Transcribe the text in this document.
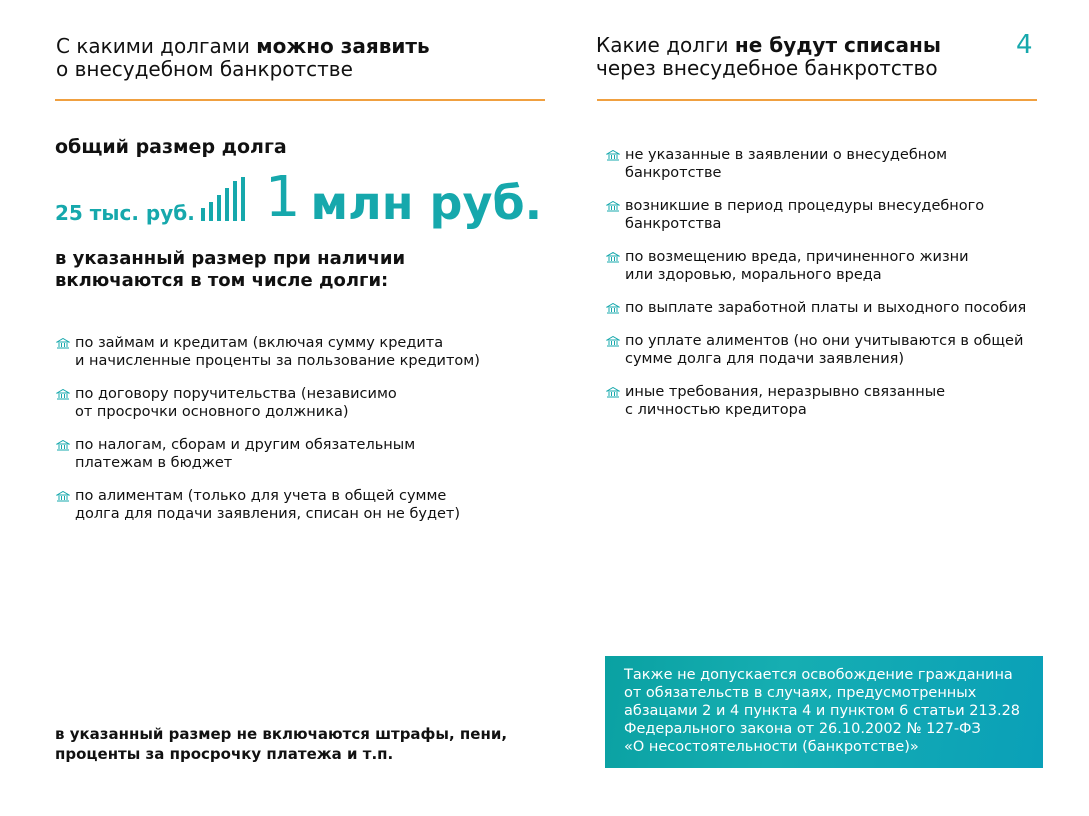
С какими долгами можно заявить
о внесудебном банкротстве
Какие долги не будут списаны
через внесудебное банкротство
4
общий размер долга
25 тыс. руб. 1 млн руб.
в указанный размер при наличии
включаются в том числе долги:
по займам и кредитам (включая сумму кредита
и начисленные проценты за пользование кредитом)
по договору поручительства (независимо
от просрочки основного должника)
по налогам, сборам и другим обязательным
платежам в бюджет
по алиментам (только для учета в общей сумме
долга для подачи заявления, списан он не будет)
в указанный размер не включаются штрафы, пени,
проценты за просрочку платежа и т.п.
не указанные в заявлении о внесудебном
банкротстве
возникшие в период процедуры внесудебного
банкротства
по возмещению вреда, причиненного жизни
или здоровью, морального вреда
по выплате заработной платы и выходного пособия
по уплате алиментов (но они учитываются в общей
сумме долга для подачи заявления)
иные требования, неразрывно связанные
с личностью кредитора
Также не допускается освобождение гражданина
от обязательств в случаях, предусмотренных
абзацами 2 и 4 пункта 4 и пунктом 6 статьи 213.28
Федерального закона от 26.10.2002 № 127-ФЗ
«О несостоятельности (банкротстве)»
